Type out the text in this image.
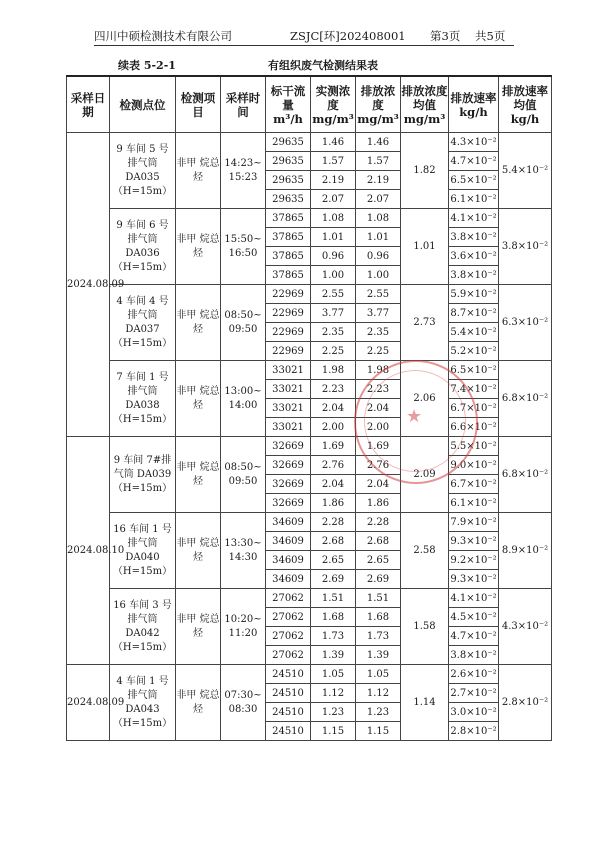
四川中硕检测技术有限公司	ZSJC[环]202408001 第3页 共5页
续表 5-2-1	有组织废气检测结果表
采样日期	检测点位	检测项目	采样时间	标干流量 m³/h	实测浓度 mg/m³	排放浓度 mg/m³	排放浓度均值 mg/m³	排放速率 kg/h	排放速率均值 kg/h
2024.08.09	9 车间 5 号 排气筒 DA035 （H=15m）	非甲 烷总 烃	14:23~ 15:23	29635	1.46	1.46	1.82	4.3×10⁻²	5.4×10⁻²
				29635	1.57	1.57		4.7×10⁻²	
				29635	2.19	2.19		6.5×10⁻²	
				29635	2.07	2.07		6.1×10⁻²	
	9 车间 6 号 排气筒 DA036 （H=15m）	非甲 烷总 烃	15:50~ 16:50	37865	1.08	1.08	1.01	4.1×10⁻²	3.8×10⁻²
				37865	1.01	1.01		3.8×10⁻²	
				37865	0.96	0.96		3.6×10⁻²	
				37865	1.00	1.00		3.8×10⁻²	
	4 车间 4 号 排气筒 DA037 （H=15m）	非甲 烷总 烃	08:50~ 09:50	22969	2.55	2.55	2.73	5.9×10⁻²	6.3×10⁻²
				22969	3.77	3.77		8.7×10⁻²	
				22969	2.35	2.35		5.4×10⁻²	
				22969	2.25	2.25		5.2×10⁻²	
	7 车间 1 号 排气筒 DA038 （H=15m）	非甲 烷总 烃	13:00~ 14:00	33021	1.98	1.98	2.06	6.5×10⁻²	6.8×10⁻²
				33021	2.23	2.23		7.4×10⁻²	
				33021	2.04	2.04		6.7×10⁻²	
				33021	2.00	2.00		6.6×10⁻²	
2024.08.10	9 车间 7#排 气筒 DA039 （H=15m）	非甲 烷总 烃	08:50~ 09:50	32669	1.69	1.69	2.09	5.5×10⁻²	6.8×10⁻²
				32669	2.76	2.76		9.0×10⁻²	
				32669	2.04	2.04		6.7×10⁻²	
				32669	1.86	1.86		6.1×10⁻²	
	16 车间 1 号 排气筒 DA040 （H=15m）	非甲 烷总 烃	13:30~ 14:30	34609	2.28	2.28	2.58	7.9×10⁻²	8.9×10⁻²
				34609	2.68	2.68		9.3×10⁻²	
				34609	2.65	2.65		9.2×10⁻²	
				34609	2.69	2.69		9.3×10⁻²	
	16 车间 3 号 排气筒 DA042 （H=15m）	非甲 烷总 烃	10:20~ 11:20	27062	1.51	1.51	1.58	4.1×10⁻²	4.3×10⁻²
				27062	1.68	1.68		4.5×10⁻²	
				27062	1.73	1.73		4.7×10⁻²	
				27062	1.39	1.39		3.8×10⁻²	
2024.08.09	4 车间 1 号 排气筒 DA043 （H=15m）	非甲 烷总 烃	07:30~ 08:30	24510	1.05	1.05	1.14	2.6×10⁻²	2.8×10⁻²
				24510	1.12	1.12		2.7×10⁻²	
				24510	1.23	1.23		3.0×10⁻²	
				24510	1.15	1.15		2.8×10⁻²	
★
